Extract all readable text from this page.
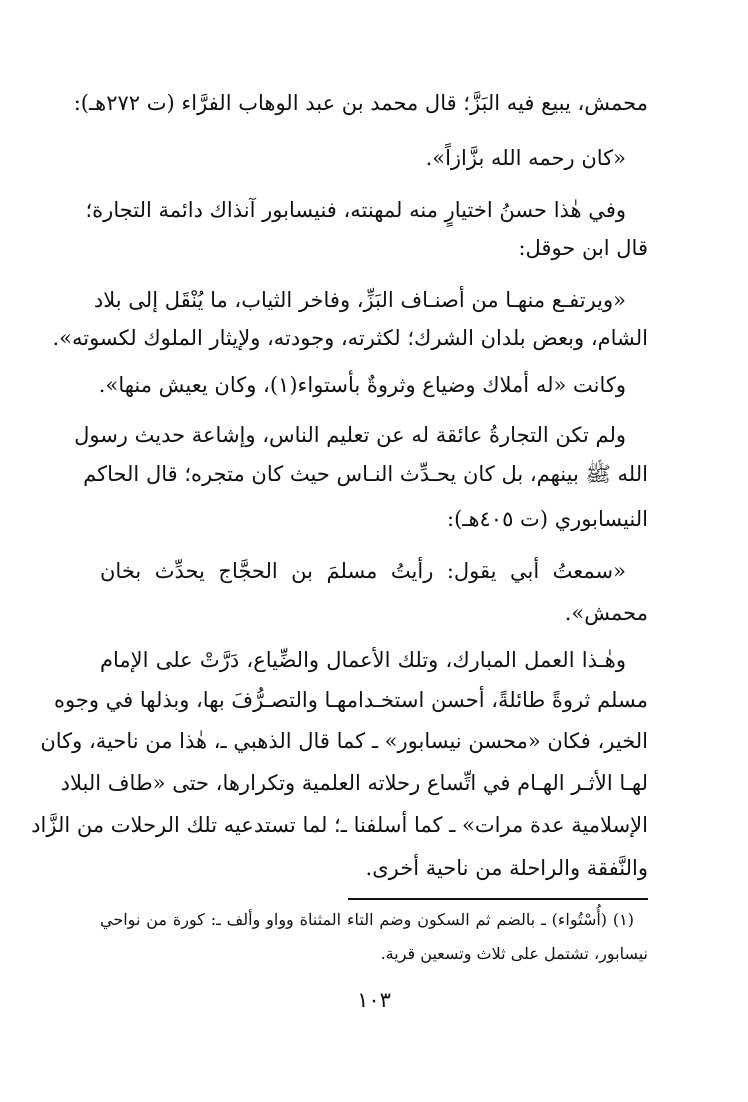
محمش، يبيع فيه البَزَّ؛ قال محمد بن عبد الوهاب الفرَّاء (ت ٢٧٢هـ):
«كان رحمه الله بزَّازاً».
وفي هٰذا حسنُ اختيارٍ منه لمهنته، فنيسابور آنذاك دائمة التجارة؛
قال ابن حوقل:
«ويرتفـع منهـا من أصنـاف البَزِّ، وفاخر الثياب، ما يُنْقَل إلى بلاد
الشام، وبعض بلدان الشرك؛ لكثرته، وجودته، ولإيثار الملوك لكسوته».
وكانت «له أملاك وضياع وثروةٌ بأستواء(١)، وكان يعيش منها».
ولم تكن التجارةُ عائقة له عن تعليم الناس، وإشاعة حديث رسول
الله ﷺ بينهم، بل كان يحـدِّث النـاس حيث كان متجره؛ قال الحاكم
النيسابوري (ت ٤٠٥هـ):
«سمعتُ أبي يقول: رأيتُ مسلمَ بن الحجَّاج يحدِّث بخان
محمش».
وهٰـذا العمل المبارك، وتلك الأعمال والضِّياع، دَرَّتْ على الإمام
مسلم ثروةً طائلةً، أحسن استخـدامهـا والتصـرُّفَ بها، وبذلها في وجوه
الخير، فكان «محسن نيسابور» ـ كما قال الذهبي ـ، هٰذا من ناحية، وكان
لهـا الأثـر الهـام في اتِّساع رحلاته العلمية وتكرارها، حتى «طاف البلاد
الإسلامية عدة مرات» ـ كما أسلفنا ـ؛ لما تستدعيه تلك الرحلات من الزَّاد
والنَّفقة والراحلة من ناحية أخرى.
(١) (أُسْتُواء) ـ بالضم ثم السكون وضم التاء المثناة وواو وألف ـ: كورة من نواحي
نيسابور، تشتمل على ثلاث وتسعين قرية.
١٠٣
